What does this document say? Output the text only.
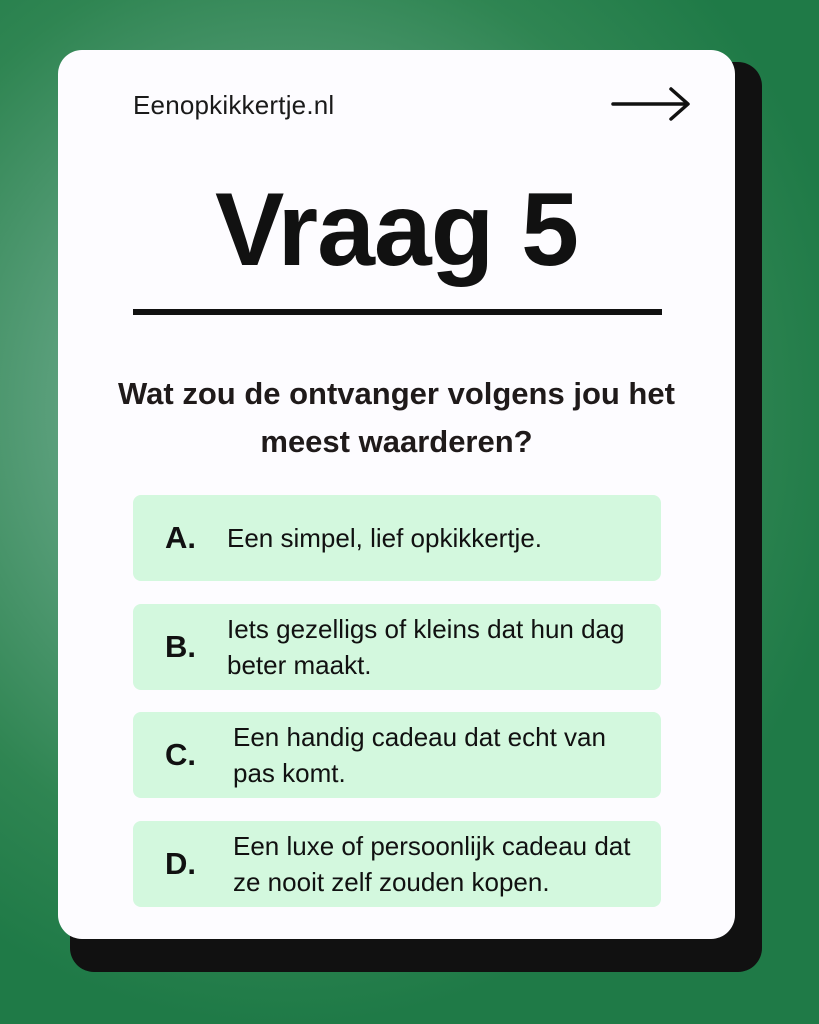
Eenopkikkertje.nl
Vraag 5
Wat zou de ontvanger volgens jou het meest waarderen?
A. Een simpel, lief opkikkertje.
B. Iets gezelligs of kleins dat hun dag beter maakt.
C. Een handig cadeau dat echt van pas komt.
D. Een luxe of persoonlijk cadeau dat ze nooit zelf zouden kopen.
